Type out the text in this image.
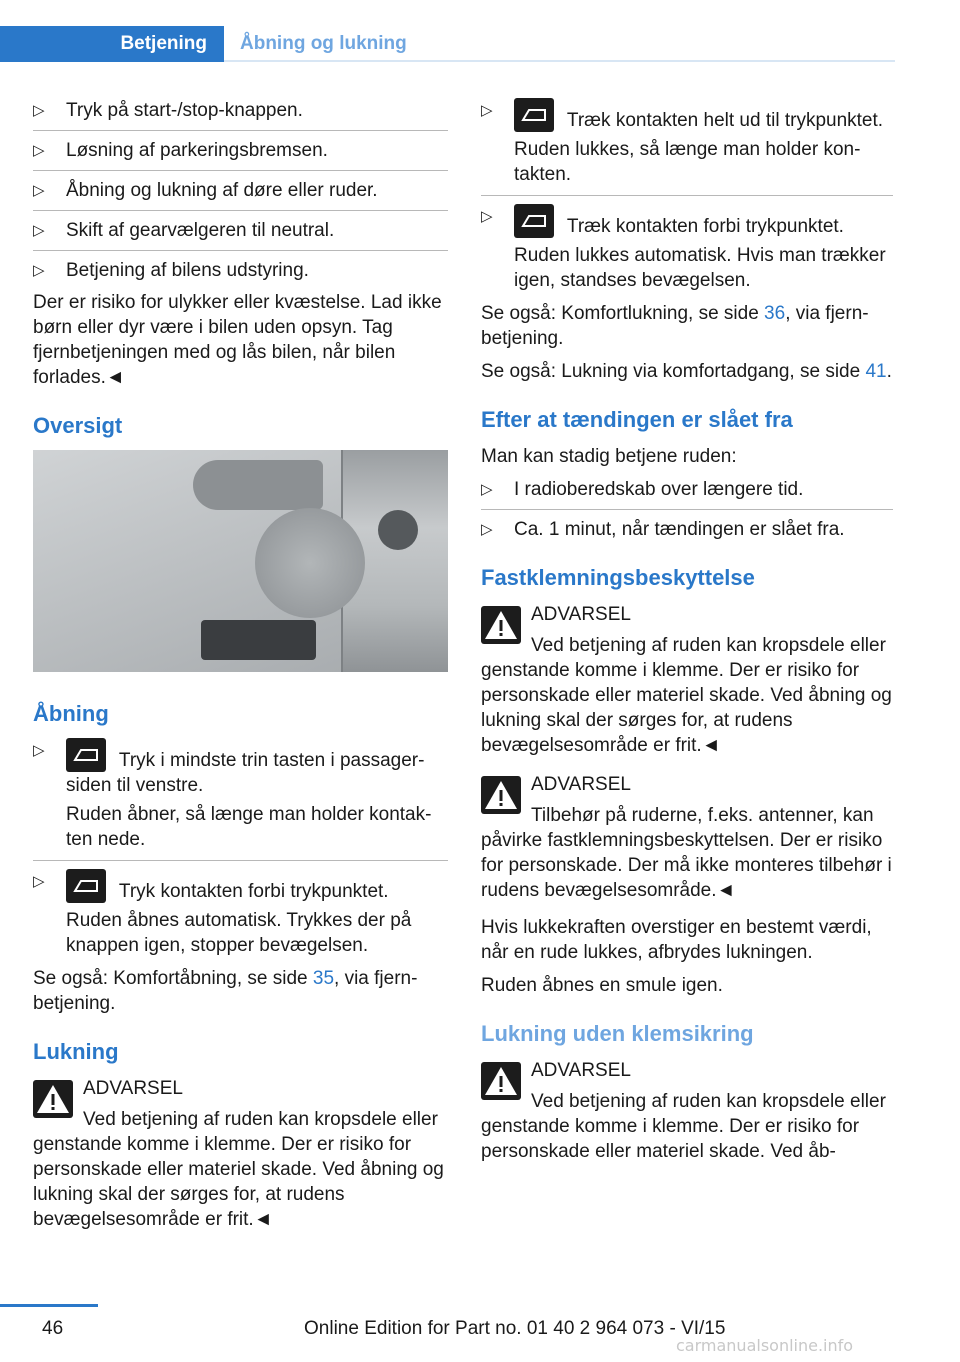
Betjening	Åbning og lukning
▷ Tryk på start-/stop-knappen.
▷ Løsning af parkeringsbremsen.
▷ Åbning og lukning af døre eller ruder.
▷ Skift af gearvælgeren til neutral.
▷ Betjening af bilens udstyring.
Der er risiko for ulykker eller kvæstelse. Lad ikke børn eller dyr være i bilen uden opsyn. Tag fjernbetjeningen med og lås bilen, når bilen forlades.◄
Oversigt
Åbning
▷	Tryk i mindste trin tasten i passagersiden til venstre.
Ruden åbner, så længe man holder kontakten nede.
▷	Tryk kontakten forbi trykpunktet.
Ruden åbnes automatisk. Trykkes der på knappen igen, stopper bevægelsen.
Se også: Komfortåbning, se side 35, via fjernbetjening.
Lukning
ADVARSEL
Ved betjening af ruden kan kropsdele eller genstande komme i klemme. Der er risiko for personskade eller materiel skade. Ved åbning og lukning skal der sørges for, at rudens bevægelsesområde er frit.◄
▷	Træk kontakten helt ud til trykpunktet.
Ruden lukkes, så længe man holder kontakten.
▷	Træk kontakten forbi trykpunktet.
Ruden lukkes automatisk. Hvis man trækker igen, standses bevægelsen.
Se også: Komfortlukning, se side 36, via fjernbetjening.
Se også: Lukning via komfortadgang, se side 41.
Efter at tændingen er slået fra
Man kan stadig betjene ruden:
▷ I radioberedskab over længere tid.
▷ Ca. 1 minut, når tændingen er slået fra.
Fastklemningsbeskyttelse
ADVARSEL
Ved betjening af ruden kan kropsdele eller genstande komme i klemme. Der er risiko for personskade eller materiel skade. Ved åbning og lukning skal der sørges for, at rudens bevægelsesområde er frit.◄
ADVARSEL
Tilbehør på ruderne, f.eks. antenner, kan påvirke fastklemningsbeskyttelsen. Der er risiko for personskade. Der må ikke monteres tilbehør i rudens bevægelsesområde.◄
Hvis lukkekraften overstiger en bestemt værdi, når en rude lukkes, afbrydes lukningen.
Ruden åbnes en smule igen.
Lukning uden klemsikring
ADVARSEL
Ved betjening af ruden kan kropsdele eller genstande komme i klemme. Der er risiko for personskade eller materiel skade. Ved åb-
46	Online Edition for Part no. 01 40 2 964 073 - VI/15
carmanualsonline.info
